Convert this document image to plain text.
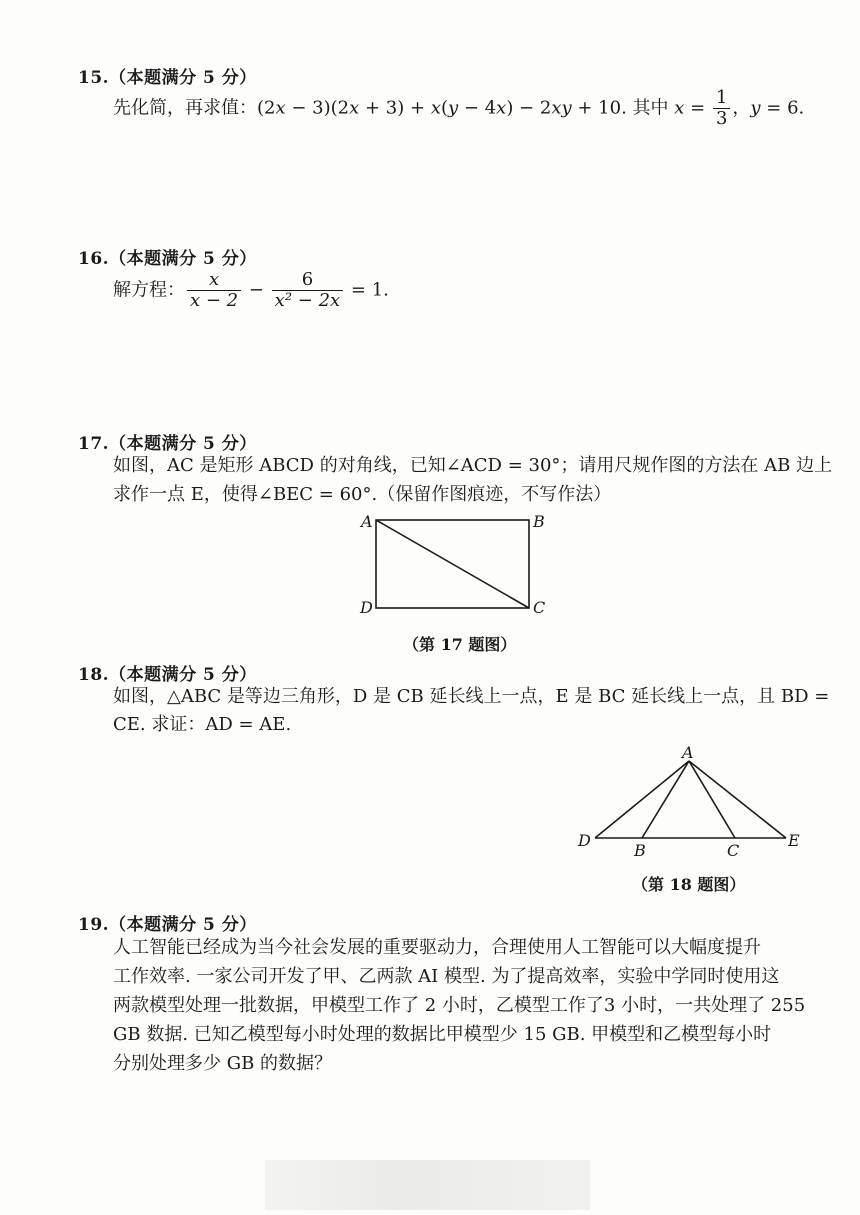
15.（本题满分 5 分）
先化简，再求值：(2x − 3)(2x + 3) + x(y − 4x) − 2xy + 10. 其中 $x = \frac{1}{3}$ ，y = 6.
16.（本题满分 5 分）
解方程： $\frac{x}{x - 2} - \frac{6}{\text{x² − 2x}} = 1$.
17.（本题满分 5 分）
如图，AC 是矩形 ABCD 的对角线，已知∠ACD = 30°；请用尺规作图的方法在 AB 边上
求作一点 E，使得∠BEC = 60°.（保留作图痕迹，不写作法）
A	B
C
D
（第 17 题图）
18.（本题满分 5 分）
如图，△ABC 是等边三角形，D 是 CB 延长线上一点，E 是 BC 延长线上一点，且 BD =
CE. 求证：AD = AE.
A
D
B	C
E
（第 18 题图）
19.（本题满分 5 分）
人工智能已经成为当今社会发展的重要驱动力，合理使用人工智能可以大幅度提升
工作效率. 一家公司开发了甲、乙两款 AI 模型. 为了提高效率，实验中学同时使用这
两款模型处理一批数据，甲模型工作了 2 小时，乙模型工作了3 小时，一共处理了 255
GB 数据. 已知乙模型每小时处理的数据比甲模型少 15 GB. 甲模型和乙模型每小时
分别处理多少 GB 的数据？
